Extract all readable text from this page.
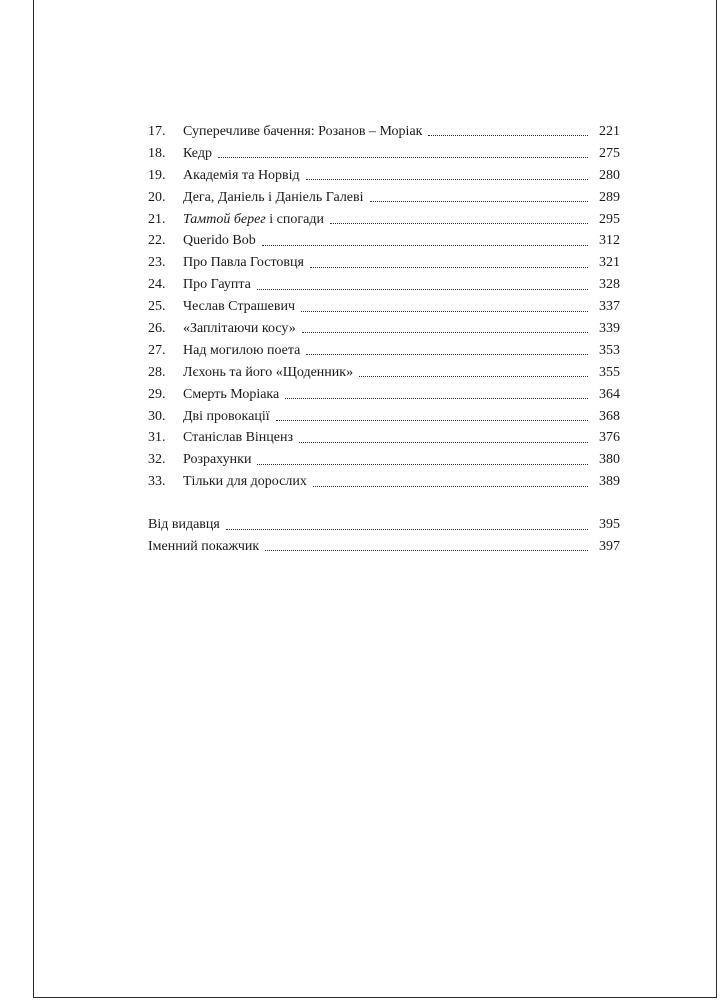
17.	Суперечливе бачення: Розанов – Моріак	221
18.	Кедр	275
19.	Академія та Норвід	280
20.	Дега, Даніель і Даніель Галеві	289
21.	Тамтой берег і спогади	295
22.	Querido Bob	312
23.	Про Павла Гостовця	321
24.	Про Гаупта	328
25.	Чеслав Страшевич	337
26.	«Заплітаючи косу»	339
27.	Над могилою поета	353
28.	Лєхонь та його «Щоденник»	355
29.	Смерть Моріака	364
30.	Дві провокації	368
31.	Станіслав Вінценз	376
32.	Розрахунки	380
33.	Тільки для дорослих	389
Від видавця	395
Іменний покажчик	397
